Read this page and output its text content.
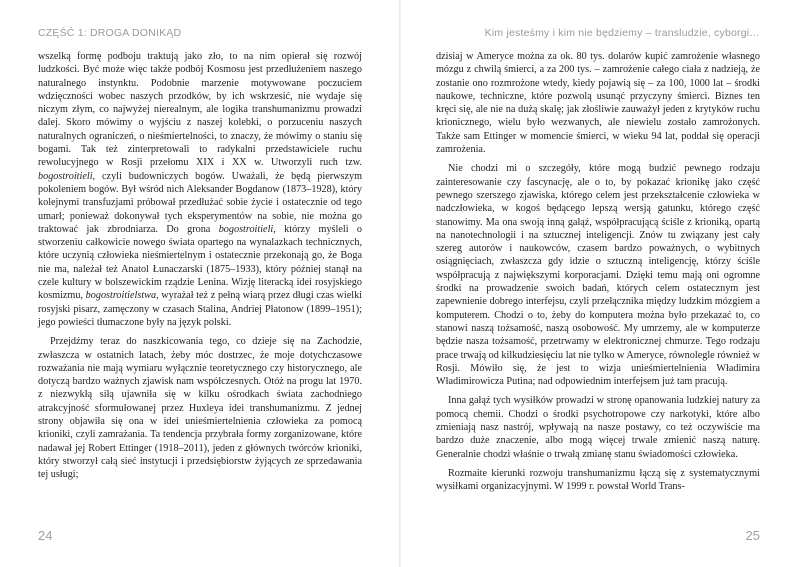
CZĘŚĆ 1: DROGA DONIKĄD

wszelką formę podboju traktują jako zło, to na nim opierał się rozwój ludzkości. Być może więc także podbój Kosmosu jest przedłużeniem naszego naturalnego instynktu. Podobnie marzenie motywowane poczuciem wdzięczności wobec naszych przodków, by ich wskrzesić, nie wydaje się niczym złym, co najwyżej nierealnym, ale logika transhumanizmu prowadzi dalej. Skoro mówimy o wyjściu z naszej kolebki, o porzuceniu naszych naturalnych ograniczeń, o nieśmiertelności, to znaczy, że mówimy o staniu się bogami. Tak też zinterpretowali to radykalni przedstawiciele ruchu rewolucyjnego w Rosji przełomu XIX i XX w. Utworzyli ruch tzw. bogostroitieli, czyli budowniczych bogów. Uważali, że będą pierwszym pokoleniem bogów. Był wśród nich Aleksander Bogdanow (1873–1928), który kolejnymi transfuzjami próbował przedłużać sobie życie i ostatecznie od tego umarł; ponieważ dokonywał tych eksperymentów na sobie, nie można go traktować jak zbrodniarza. Do grona bogostroitieli, którzy myśleli o stworzeniu całkowicie nowego świata opartego na wynalazkach technicznych, które uczynią człowieka nieśmiertelnym i ostatecznie przekonają go, że Boga nie ma, należał też Anatol Łunaczarski (1875–1933), który później stanął na czele kultury w bolszewickim rządzie Lenina. Wizję literacką idei rosyjskiego kosmizmu, bogostroitielstwa, wyrażał też z pełną wiarą przez długi czas wielki rosyjski pisarz, zamęczony w czasach Stalina, Andriej Płatonow (1899–1951); jego powieści tłumaczone były na język polski.

Przejdźmy teraz do naszkicowania tego, co dzieje się na Zachodzie, zwłaszcza w ostatnich latach, żeby móc dostrzec, że moje dotychczasowe rozważania nie mają wymiaru wyłącznie teoretycznego czy historycznego, ale dotyczą bardzo ważnych zjawisk nam współczesnych. Otóż na progu lat 1970. z niezwykłą siłą ujawniła się w kilku ośrodkach świata zachodniego atrakcyjność sformułowanej przez Huxleya idei transhumanizmu. Z jednej strony objawiła się ona w idei unieśmiertelnienia człowieka za pomocą krioniki, czyli zamrażania. Ta tendencja przybrała formy zorganizowane, które nadawał jej Robert Ettinger (1918–2011), jeden z głównych twórców krioniki, który stworzył całą sieć instytucji i przedsiębiorstw żyjących ze sprzedawania tej usługi;

24
Kim jesteśmy i kim nie będziemy – transludzie, cyborgi…

dzisiaj w Ameryce można za ok. 80 tys. dolarów kupić zamrożenie własnego mózgu z chwilą śmierci, a za 200 tys. – zamrożenie całego ciała z nadzieją, że zostanie ono rozmrożone wtedy, kiedy pojawią się – za 100, 1000 lat – środki naukowe, techniczne, które pozwolą usunąć przyczyny śmierci. Biznes ten kręci się, ale nie na dużą skalę; jak złośliwie zauważył jeden z krytyków ruchu krionicznego, wielu było wezwanych, ale niewielu zostało zamrożonych. Także sam Ettinger w momencie śmierci, w wieku 94 lat, poddał się operacji zamrożenia.

Nie chodzi mi o szczegóły, które mogą budzić pewnego rodzaju zainteresowanie czy fascynację, ale o to, by pokazać krionikę jako część pewnego szerszego zjawiska, którego celem jest przekształcenie człowieka w nadczłowieka, w kogoś będącego lepszą wersją gatunku, którego część stanowimy. Ma ona swoją inną gałąź, współpracującą ściśle z krioniką, opartą na nanotechnologii i na sztucznej inteligencji. Znów tu związany jest cały szereg autorów i naukowców, czasem bardzo poważnych, o wybitnych osiągnięciach, zwłaszcza gdy idzie o sztuczną inteligencję, którzy ściśle współpracują z największymi korporacjami. Dzięki temu mają oni ogromne środki na prowadzenie swoich badań, których celem ostatecznym jest zapewnienie dobrego interfejsu, czyli przełącznika między ludzkim mózgiem a komputerem. Chodzi o to, żeby do komputera można było przekazać to, co stanowi naszą tożsamość, naszą osobowość. My umrzemy, ale w komputerze będzie nasza tożsamość, przetrwamy w elektronicznej chmurze. Tego rodzaju prace trwają od kilkudziesięciu lat nie tylko w Ameryce, równolegle również w Rosji. Mówiło się, że jest to wizja unieśmiertelnienia Władimira Władimirowicza Putina; nad odpowiednim interfejsem już tam pracują.

Inna gałąź tych wysiłków prowadzi w stronę opanowania ludzkiej natury za pomocą chemii. Chodzi o środki psychotropowe czy narkotyki, które albo zmieniają nasz nastrój, wpływają na nasze postawy, co też oczywiście ma bardzo duże znaczenie, albo mogą więcej trwale zmienić naszą naturę. Generalnie chodzi właśnie o trwałą zmianę stanu świadomości człowieka.

Rozmaite kierunki rozwoju transhumanizmu łączą się z systematycznymi wysiłkami organizacyjnymi. W 1999 r. powstał World Trans-

25
